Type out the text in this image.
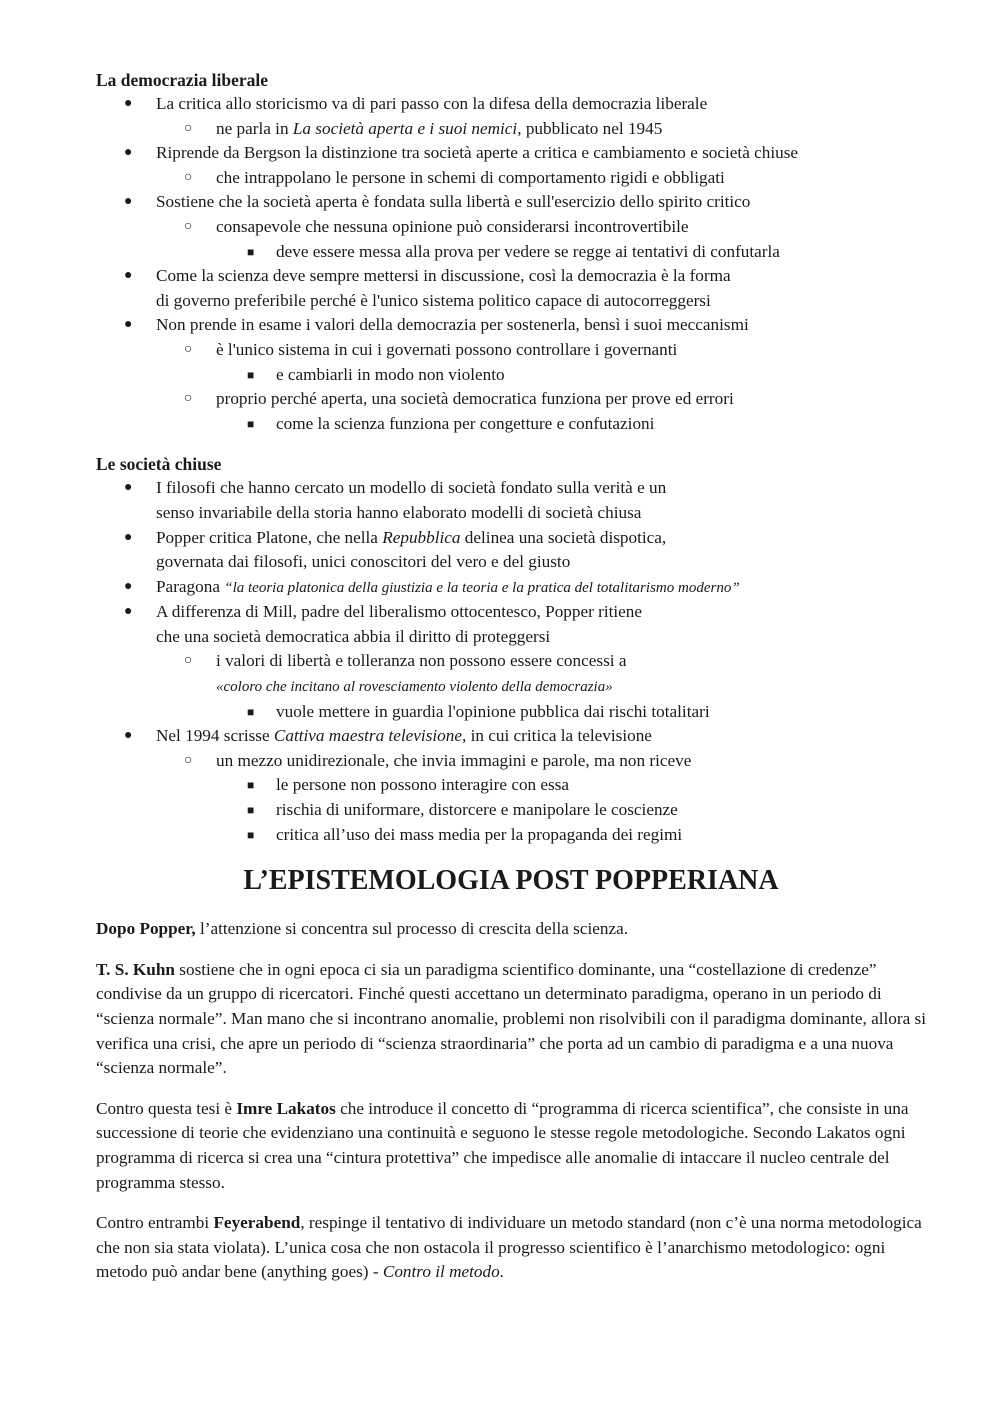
La democrazia liberale
● La critica allo storicismo va di pari passo con la difesa della democrazia liberale
○ ne parla in La società aperta e i suoi nemici, pubblicato nel 1945
● Riprende da Bergson la distinzione tra società aperte a critica e cambiamento e società chiuse
○ che intrappolano le persone in schemi di comportamento rigidi e obbligati
● Sostiene che la società aperta è fondata sulla libertà e sull'esercizio dello spirito critico
○ consapevole che nessuna opinione può considerarsi incontrovertibile
■ deve essere messa alla prova per vedere se regge ai tentativi di confutarla
● Come la scienza deve sempre mettersi in discussione, così la democrazia è la forma
di governo preferibile perché è l'unico sistema politico capace di autocorreggersi
● Non prende in esame i valori della democrazia per sostenerla, bensì i suoi meccanismi
○ è l'unico sistema in cui i governati possono controllare i governanti
■ e cambiarli in modo non violento
○ proprio perché aperta, una società democratica funziona per prove ed errori
■ come la scienza funziona per congetture e confutazioni
Le società chiuse
● I filosofi che hanno cercato un modello di società fondato sulla verità e un
senso invariabile della storia hanno elaborato modelli di società chiusa
● Popper critica Platone, che nella Repubblica delinea una società dispotica,
governata dai filosofi, unici conoscitori del vero e del giusto
● Paragona “la teoria platonica della giustizia e la teoria e la pratica del totalitarismo moderno”
● A differenza di Mill, padre del liberalismo ottocentesco, Popper ritiene
che una società democratica abbia il diritto di proteggersi
○ i valori di libertà e tolleranza non possono essere concessi a
«coloro che incitano al rovesciamento violento della democrazia»
■ vuole mettere in guardia l'opinione pubblica dai rischi totalitari
● Nel 1994 scrisse Cattiva maestra televisione, in cui critica la televisione
○ un mezzo unidirezionale, che invia immagini e parole, ma non riceve
■ le persone non possono interagire con essa
■ rischia di uniformare, distorcere e manipolare le coscienze
■ critica all’uso dei mass media per la propaganda dei regimi
L’EPISTEMOLOGIA POST POPPERIANA

Dopo Popper, l’attenzione si concentra sul processo di crescita della scienza.

T. S. Kuhn sostiene che in ogni epoca ci sia un paradigma scientifico dominante, una “costellazione di credenze” condivise da un gruppo di ricercatori. Finché questi accettano un determinato paradigma, operano in un periodo di “scienza normale”. Man mano che si incontrano anomalie, problemi non risolvibili con il paradigma dominante, allora si verifica una crisi, che apre un periodo di “scienza straordinaria” che porta ad un cambio di paradigma e a una nuova “scienza normale”.

Contro questa tesi è Imre Lakatos che introduce il concetto di “programma di ricerca scientifica”, che consiste in una successione di teorie che evidenziano una continuità e seguono le stesse regole metodologiche. Secondo Lakatos ogni programma di ricerca si crea una “cintura protettiva” che impedisce alle anomalie di intaccare il nucleo centrale del programma stesso.

Contro entrambi Feyerabend, respinge il tentativo di individuare un metodo standard (non c’è una norma metodologica che non sia stata violata). L’unica cosa che non ostacola il progresso scientifico è l’anarchismo metodologico: ogni metodo può andar bene (anything goes) - Contro il metodo.
